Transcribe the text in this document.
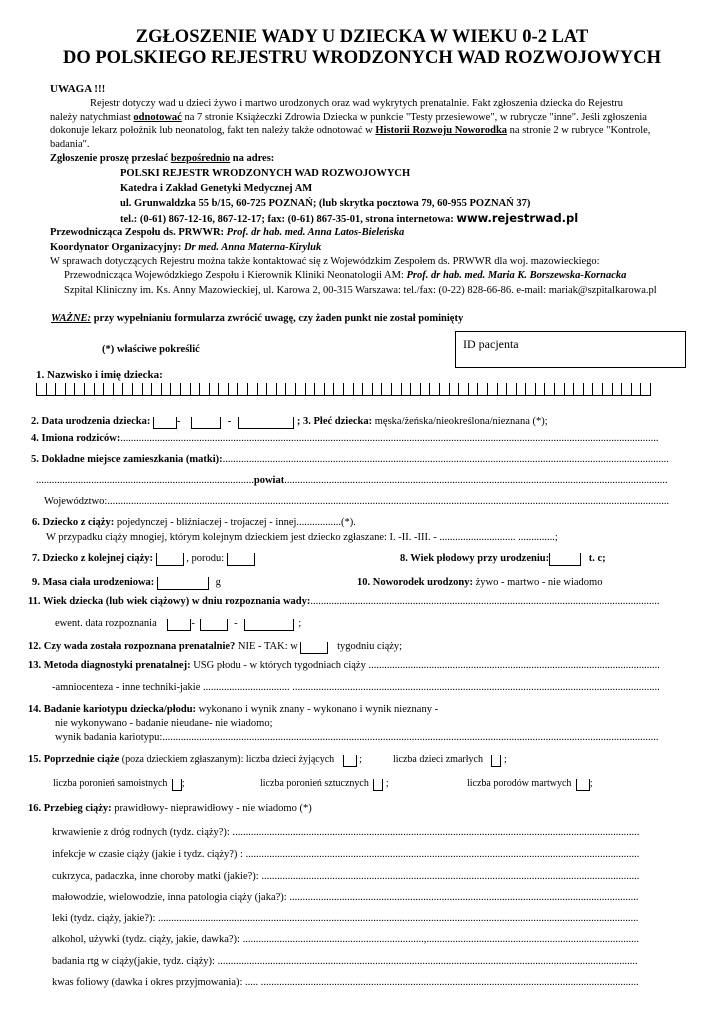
ZGŁOSZENIE WADY U DZIECKA W WIEKU 0-2 LAT
DO POLSKIEGO REJESTRU WRODZONYCH WAD ROZWOJOWYCH
UWAGA !!!
Rejestr dotyczy wad u dzieci żywo i martwo urodzonych oraz wad wykrytych prenatalnie. Fakt zgłoszenia dziecka do Rejestru
należy natychmiast odnotować na 7 stronie Książeczki Zdrowia Dziecka w punkcie "Testy przesiewowe", w rubrycze "inne". Jeśli zgłoszenia
dokonuje lekarz położnik lub neonatolog, fakt ten należy także odnotować w Historii Rozwoju Noworodka na stronie 2 w rubryce "Kontrole,
badania".
Zgłoszenie proszę przesłać bezpośrednio na adres:
POLSKI REJESTR WRODZONYCH WAD ROZWOJOWYCH
Katedra i Zakład Genetyki Medycznej AM
ul. Grunwaldzka 55 b/15, 60-725 POZNAŃ; (lub skrytka pocztowa 79, 60-955 POZNAŃ 37)
tel.: (0-61) 867-12-16, 867-12-17; fax: (0-61) 867-35-01, strona internetowa: www.rejestrwad.pl
Przewodnicząca Zespołu ds. PRWWR: Prof. dr hab. med. Anna Latos-Bieleńska
Koordynator Organizacyjny: Dr med. Anna Materna-Kiryluk
W sprawach dotyczących Rejestru można także kontaktować się z Wojewódzkim Zespołem ds. PRWWR dla woj. mazowieckiego:
Przewodnicząca Wojewódzkiego Zespołu i Kierownik Kliniki Neonatologii AM: Prof. dr hab. med. Maria K. Borszewska-Kornacka
Szpital Kliniczny im. Ks. Anny Mazowieckiej, ul. Karowa 2, 00-315 Warszawa: tel./fax: (0-22) 828-66-86. e-mail: mariak@szpitalkarowa.pl
WAŻNE: przy wypełnianiu formularza zwrócić uwagę, czy żaden punkt nie został pominięty
(*) właściwe pokreślić	ID pacjenta
1. Nazwisko i imię dziecka:
2. Data urodzenia dziecka:	-	-	; 3. Płeć dziecka: męska/żeńska/nieokreślona/nieznana (*);
4. Imiona rodziców:.............................................................................................................................................................................................................
5. Dokładne miejsce zamieszkania (matki):..........................................................................................................................................................................
...................................................................................powiat..................................................................................................................................................
Województwo:......................................................................................................................................................................................................................
6. Dziecko z ciąży: pojedynczej - bliźniaczej - trojaczej - innej.................(*).
W przypadku ciąży mnogiej, którym kolejnym dzieckiem jest dziecko zgłaszane: I. -II. -III. - ............................. ..............;
7. Dziecko z kolejnej ciąży:	, porodu:	8. Wiek płodowy przy urodzeniu:	t. c;
9. Masa ciała urodzeniowa:	g	10. Noworodek urodzony: żywo - martwo - nie wiadomo
11. Wiek dziecka (lub wiek ciążowy) w dniu rozpoznania wady:.....................................................................................................................................
ewent. data rozpoznania	-	-	;
12. Czy wada została rozpoznana prenatalnie? NIE - TAK: w	tygodniu ciąży;
13. Metoda diagnostyki prenatalnej: USG płodu - w których tygodniach ciąży ...............................................................................................................
-amniocenteza - inne techniki-jakie ................................. ............................................................................................................................................
14. Badanie kariotypu dziecka/płodu: wykonano i wynik znany - wykonano i wynik nieznany -
nie wykonywano - badanie nieudane- nie wiadomo;
wynik badania kariotypu:.............................................................................................................................................................................................
15. Poprzednie ciąże (poza dzieckiem zgłaszanym): liczba dzieci żyjących	;	liczba dzieci zmarłych ;
liczba poronień samoistnych ;	liczba poronień sztucznych ;	liczba porodów martwych ;
16. Przebieg ciąży: prawidłowy- nieprawidłowy - nie wiadomo (*)
krwawienie z dróg rodnych (tydz. ciąży?): ...........................................................................................................................................................
infekcje w czasie ciąży (jakie i tydz. ciąży?) : ......................................................................................................................................................
cukrzyca, padaczka, inne choroby matki (jakie?): ................................................................................................................................................
małowodzie, wielowodzie, inna patologia ciąży (jaka?): .....................................................................................................................................
leki (tydz. ciąży, jakie?): .......................................................................................................................................................................................
alkohol, używki (tydz. ciąży, jakie, dawka?): .....................................................................,.................................................................................
badania rtg w ciąży(jakie, tydz. ciąży): ................................................................................................................................................................
kwas foliowy (dawka i okres przyjmowania): ..... ................................................................................................................................................
